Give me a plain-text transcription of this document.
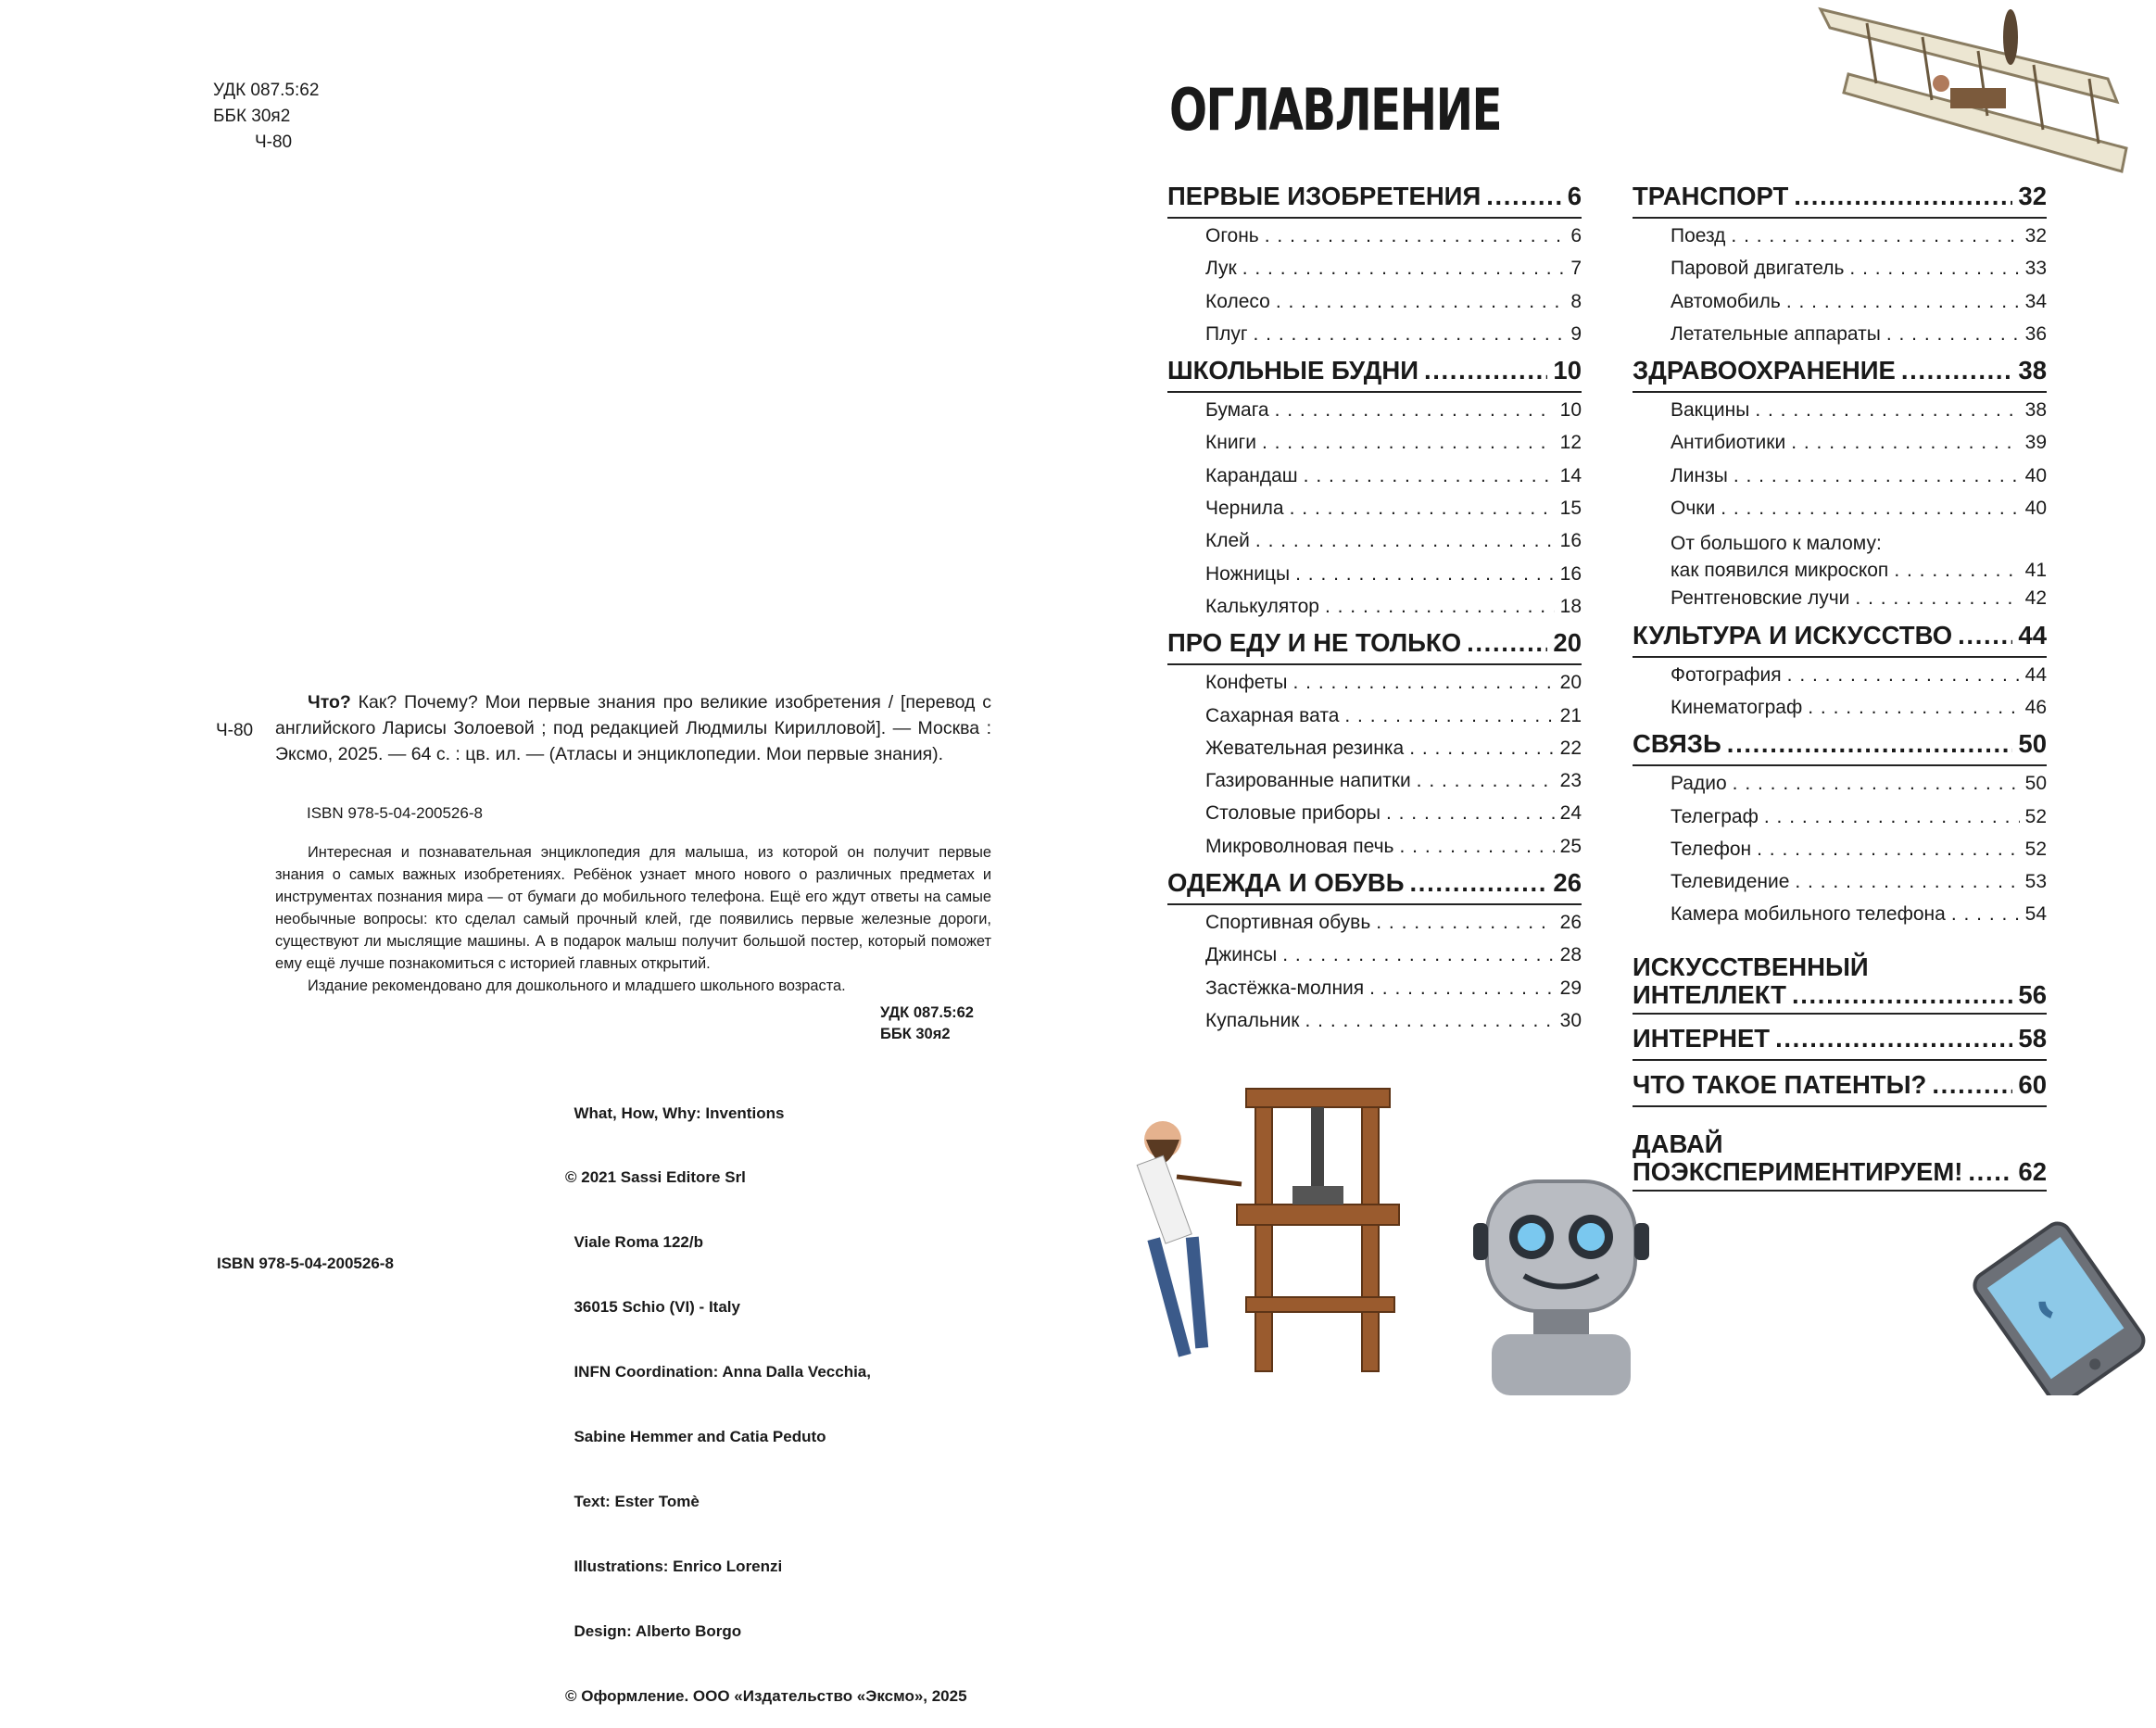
УДК 087.5:62
ББК 30я2
Ч-80
Ч-80
Что? Как? Почему? Мои первые знания про великие изобретения / [перевод с английского Ларисы Золоевой ; под редакцией Людмилы Кирилловой]. — Москва : Эксмо, 2025. — 64 с. : цв. ил. — (Атласы и энциклопедии. Мои первые знания).
ISBN 978-5-04-200526-8

Интересная и познавательная энциклопедия для малыша, из которой он получит первые знания о самых важных изобретениях. Ребёнок узнает много нового о различных предметах и инструментах познания мира — от бумаги до мобильного телефона. Ещё его ждут ответы на самые необычные вопросы: кто сделал самый прочный клей, где появились первые железные дороги, существуют ли мыслящие машины. А в подарок малыш получит большой постер, который поможет ему ещё лучше познакомиться с историей главных открытий.

Издание рекомендовано для дошкольного и младшего школьного возраста.

УДК 087.5:62
ББК 30я2

What, How, Why: Inventions

© 2021 Sassi Editore Srl

Viale Roma 122/b

36015 Schio (VI) - Italy

INFN Coordination: Anna Dalla Vecchia,

Sabine Hemmer and Catia Peduto

Text: Ester Tomè

Illustrations: Enrico Lorenzi

Design: Alberto Borgo

© Оформление. ООО «Издательство «Эксмо», 2025

ISBN 978-5-04-200526-8
ОГЛАВЛЕНИЕ
ПЕРВЫЕ ИЗОБРЕТЕНИЯ . . .	6
Огонь . . .	6
Лук . . .	7
Колесо . . .	8
Плуг . . .	9
ШКОЛЬНЫЕ БУДНИ . . .	10
Бумага . . .	10
Книги . . .	12
Карандаш . . .	14
Чернила . . .	15
Клей . . .	16
Ножницы . . .	16
Калькулятор . . .	18
ПРО ЕДУ И НЕ ТОЛЬКО . . .	20
Конфеты . . .	20
Сахарная вата . . .	21
Жевательная резинка . . .	22
Газированные напитки . . .	23
Столовые приборы . . .	24
Микроволновая печь . . .	25
ОДЕЖДА И ОБУВЬ . . .	26
Спортивная обувь . . .	26
Джинсы . . .	28
Застёжка-молния . . .	29
Купальник . . .	30
ТРАНСПОРТ . . .	32
Поезд . . .	32
Паровой двигатель . . .	33
Автомобиль . . .	34
Летательные аппараты . . .	36
ЗДРАВООХРАНЕНИЕ . . .	38
Вакцины . . .	38
Антибиотики . . .	39
Линзы . . .	40
Очки . . .	40
От большого к малому:
как появился микроскоп . . .	41
Рентгеновские лучи . . .	42
КУЛЬТУРА И ИСКУССТВО . . .	44
Фотография . . .	44
Кинематограф . . .	46
СВЯЗЬ . . .	50
Радио . . .	50
Телеграф . . .	52
Телефон . . .	52
Телевидение . . .	53
Камера мобильного телефона . . .	54
ИСКУССТВЕННЫЙ
ИНТЕЛЛЕКТ . . .	56
ИНТЕРНЕТ . . .	58
ЧТО ТАКОЕ ПАТЕНТЫ? . . .	60
ДАВАЙ
ПОЭКСПЕРИМЕНТИРУЕМ! . . . 62
